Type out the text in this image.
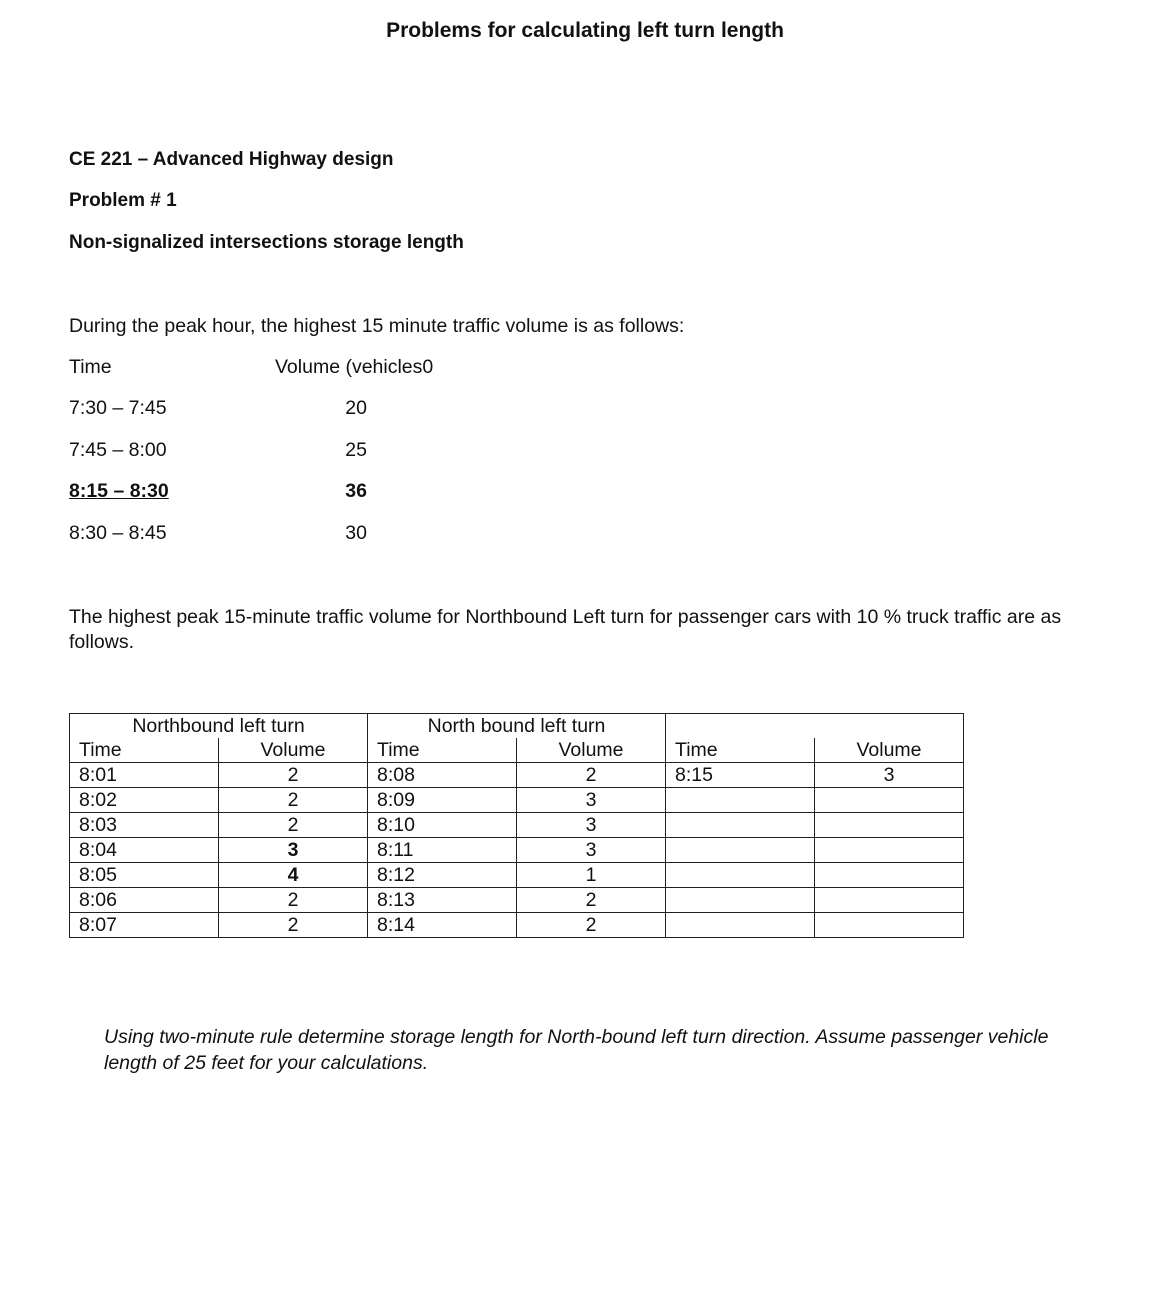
Problems for calculating left turn length
CE 221 – Advanced Highway design
Problem # 1
Non-signalized intersections storage length
During the peak hour, the highest 15 minute traffic volume is as follows:
Time	Volume (vehicles0
7:30 – 7:45	20
7:45 – 8:00	25
8:15 – 8:30	36
8:30 – 8:45	30
The highest peak 15-minute traffic volume for Northbound Left turn for passenger cars with 10 % truck traffic are as follows.
Northbound left turn		North bound left turn			
Time	Volume	Time	Volume	Time	Volume
8:01	2	8:08	2	8:15	3
8:02	2	8:09	3		
8:03	2	8:10	3		
8:04	3	8:11	3		
8:05	4	8:12	1		
8:06	2	8:13	2		
8:07	2	8:14	2		
Using two-minute rule determine storage length for North-bound left turn direction. Assume passenger vehicle length of 25 feet for your calculations.
